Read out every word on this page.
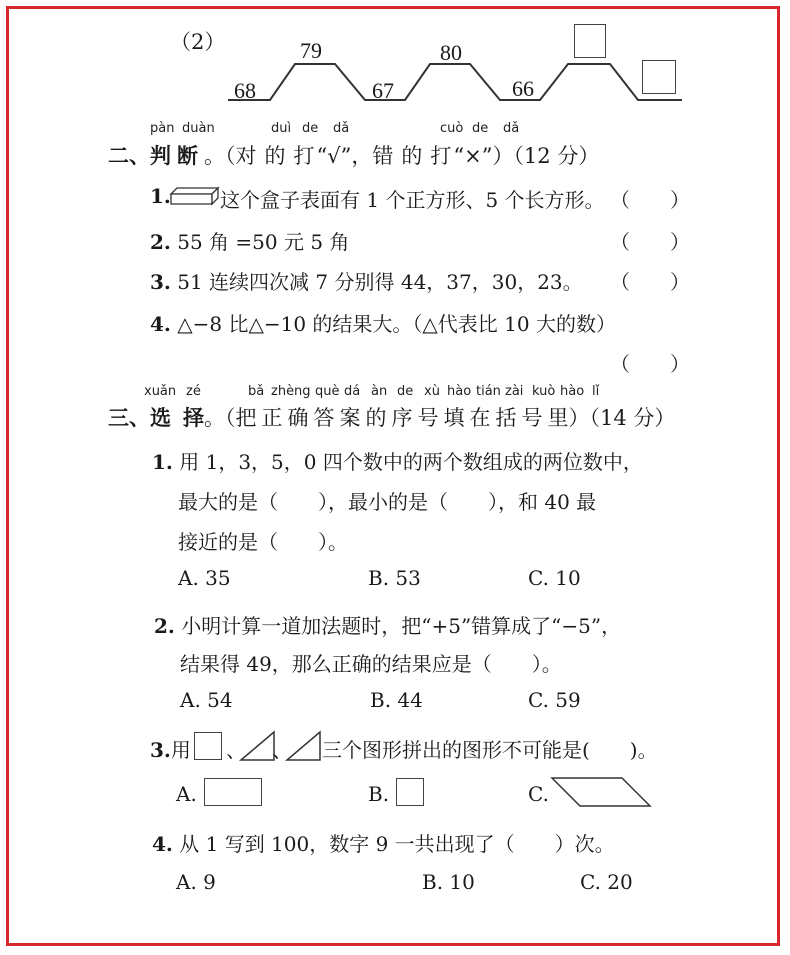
（2）
68	67	66
79	80
pàn duàn	duì de dǎ	cuò de dǎ
二、判断。（对的打“√”，错的打“×”）（12 分）
1. 这个盒子表面有 1 个正方形、5 个长方形。 （　　）
2. 55 角 =50 元 5 角	（　　）
3. 51 连续四次减 7 分别得 44，37，30，23。 （　　）
4. △−8 比△−10 的结果大。（△代表比 10 大的数）
（　　）
xuǎn zé	bǎ zhèng què dá àn de xù hào tián zài kuò hào lǐ
三、选择。（把正确答案的序号填在括号里）（14 分）
1. 用 1，3，5，0 四个数中的两个数组成的两位数中，
最大的是（　　），最小的是（　　），和 40 最
接近的是（　　）。
A. 35	B. 53	C. 10
2. 小明计算一道加法题时，把“+5”错算成了“−5”，
结果得 49，那么正确的结果应是（　　）。
A. 54	B. 44	C. 59
3.用 、 、 三个图形拼出的图形不可能是(　　)。
A.	B.	C.
4. 从 1 写到 100，数字 9 一共出现了（　　）次。
A. 9	B. 10	C. 20
